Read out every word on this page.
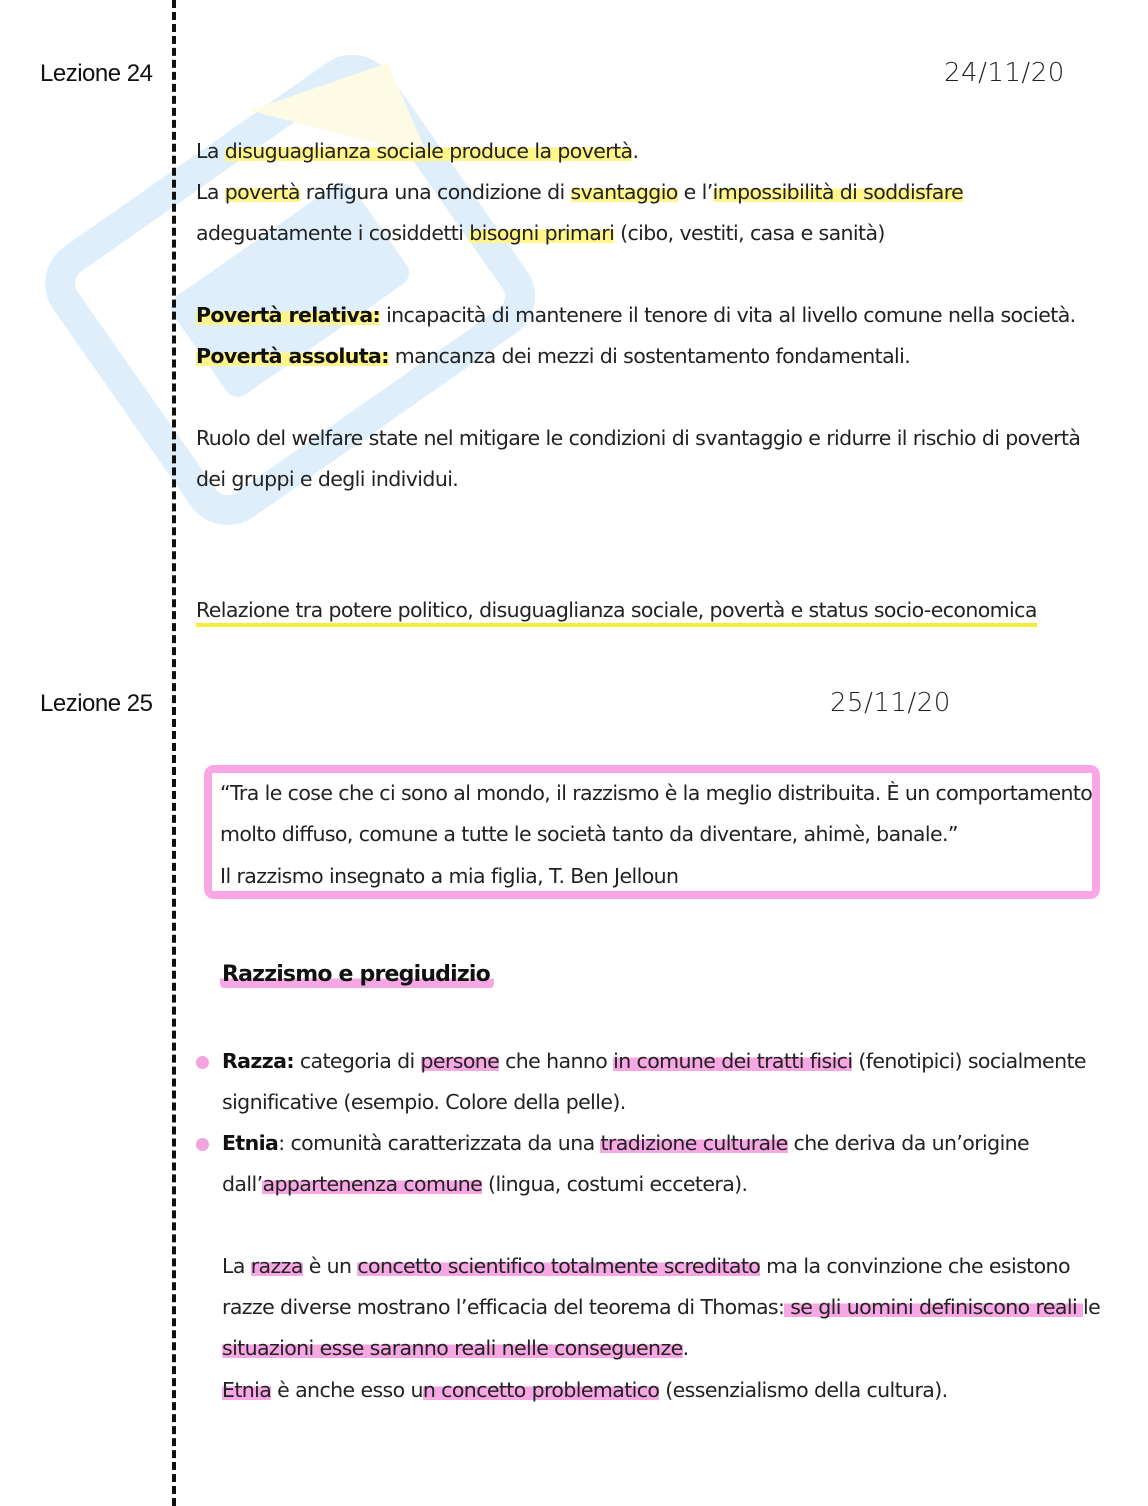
Lezione 24	24/11/20
La disuguaglianza sociale produce la povertà.
La povertà raffigura una condizione di svantaggio e l’impossibilità di soddisfare
adeguatamente i cosiddetti bisogni primari (cibo, vestiti, casa e sanità)
Povertà relativa: incapacità di mantenere il tenore di vita al livello comune nella società.
Povertà assoluta: mancanza dei mezzi di sostentamento fondamentali.
Ruolo del welfare state nel mitigare le condizioni di svantaggio e ridurre il rischio di povertà
dei gruppi e degli individui.
Relazione tra potere politico, disuguaglianza sociale, povertà e status socio-economica
Lezione 25	25/11/20
“Tra le cose che ci sono al mondo, il razzismo è la meglio distribuita. È un comportamento
molto diffuso, comune a tutte le società tanto da diventare, ahimè, banale.”
Il razzismo insegnato a mia figlia, T. Ben Jelloun
Razzismo e pregiudizio
Razza: categoria di persone che hanno in comune dei tratti fisici (fenotipici) socialmente
significative (esempio. Colore della pelle).
Etnia: comunità caratterizzata da una tradizione culturale che deriva da un’origine
dall’appartenenza comune (lingua, costumi eccetera).
La razza è un concetto scientifico totalmente screditato ma la convinzione che esistono
razze diverse mostrano l’efficacia del teorema di Thomas: se gli uomini definiscono reali le
situazioni esse saranno reali nelle conseguenze.
Etnia è anche esso un concetto problematico (essenzialismo della cultura).
